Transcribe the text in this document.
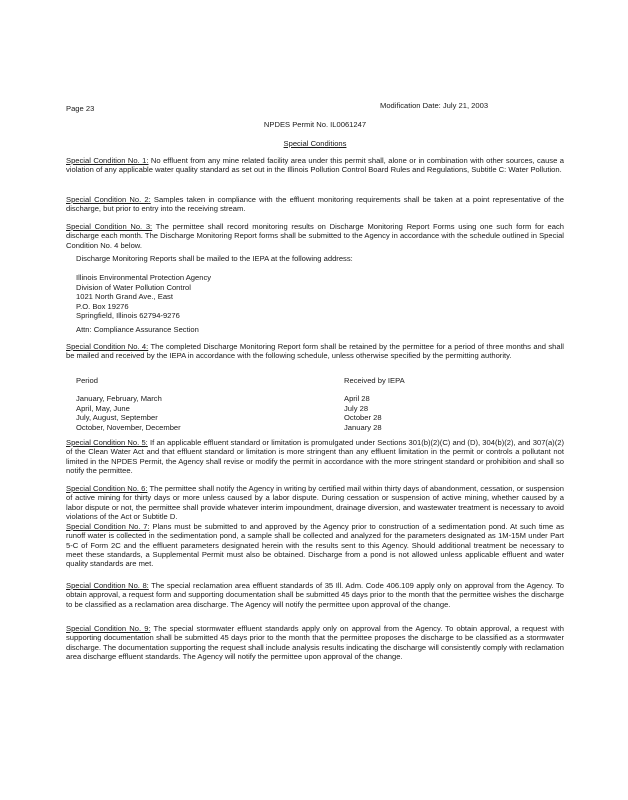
Page 23	Modification Date: July 21, 2003
NPDES Permit No. IL0061247
Special Conditions

Special Condition No. 1: No effluent from any mine related facility area under this permit shall, alone or in combination with other sources, cause a violation of any applicable water quality standard as set out in the Illinois Pollution Control Board Rules and Regulations, Subtitle C: Water Pollution.

Special Condition No. 2: Samples taken in compliance with the effluent monitoring requirements shall be taken at a point representative of the discharge, but prior to entry into the receiving stream.

Special Condition No. 3: The permittee shall record monitoring results on Discharge Monitoring Report Forms using one such form for each discharge each month. The Discharge Monitoring Report forms shall be submitted to the Agency in accordance with the schedule outlined in Special Condition No. 4 below.

Discharge Monitoring Reports shall be mailed to the IEPA at the following address:
Illinois Environmental Protection Agency
Division of Water Pollution Control
1021 North Grand Ave., East
P.O. Box 19276
Springfield, Illinois 62794-9276
Attn: Compliance Assurance Section

Special Condition No. 4: The completed Discharge Monitoring Report form shall be retained by the permittee for a period of three months and shall be mailed and received by the IEPA in accordance with the following schedule, unless otherwise specified by the permitting authority.

Period	Received by IEPA
January, February, March	April 28
April, May, June	July 28
July, August, September	October 28
October, November, December	January 28

Special Condition No. 5: If an applicable effluent standard or limitation is promulgated under Sections 301(b)(2)(C) and (D), 304(b)(2), and 307(a)(2) of the Clean Water Act and that effluent standard or limitation is more stringent than any effluent limitation in the permit or controls a pollutant not limited in the NPDES Permit, the Agency shall revise or modify the permit in accordance with the more stringent standard or prohibition and shall so notify the permittee.

Special Condition No. 6: The permittee shall notify the Agency in writing by certified mail within thirty days of abandonment, cessation, or suspension of active mining for thirty days or more unless caused by a labor dispute. During cessation or suspension of active mining, whether caused by a labor dispute or not, the permittee shall provide whatever interim impoundment, drainage diversion, and wastewater treatment is necessary to avoid violations of the Act or Subtitle D.

Special Condition No. 7: Plans must be submitted to and approved by the Agency prior to construction of a sedimentation pond. At such time as runoff water is collected in the sedimentation pond, a sample shall be collected and analyzed for the parameters designated as 1M-15M under Part 5-C of Form 2C and the effluent parameters designated herein with the results sent to this Agency. Should additional treatment be necessary to meet these standards, a Supplemental Permit must also be obtained. Discharge from a pond is not allowed unless applicable effluent and water quality standards are met.

Special Condition No. 8: The special reclamation area effluent standards of 35 Ill. Adm. Code 406.109 apply only on approval from the Agency. To obtain approval, a request form and supporting documentation shall be submitted 45 days prior to the month that the permittee wishes the discharge to be classified as a reclamation area discharge. The Agency will notify the permittee upon approval of the change.

Special Condition No. 9: The special stormwater effluent standards apply only on approval from the Agency. To obtain approval, a request with supporting documentation shall be submitted 45 days prior to the month that the permittee proposes the discharge to be classified as a stormwater discharge. The documentation supporting the request shall include analysis results indicating the discharge will consistently comply with reclamation area discharge effluent standards. The Agency will notify the permittee upon approval of the change.
